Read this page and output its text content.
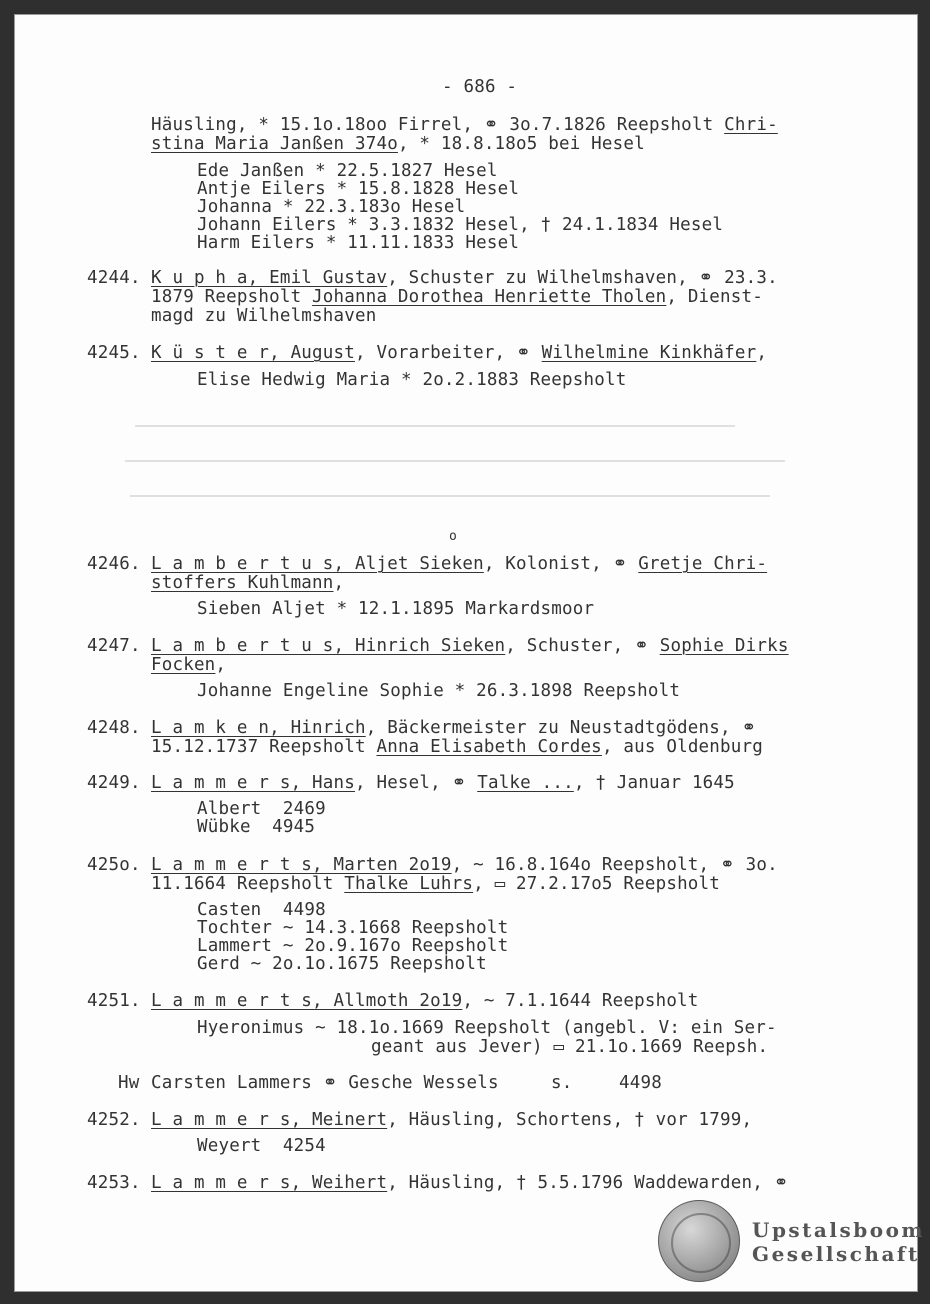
- 686 -
Häusling, * 15.1o.18oo Firrel, ⚭ 3o.7.1826 Reepsholt Chri-
stina Maria Janßen 374o, * 18.8.18o5 bei Hesel
Ede Janßen * 22.5.1827 Hesel
Antje Eilers * 15.8.1828 Hesel
Johanna * 22.3.183o Hesel
Johann Eilers * 3.3.1832 Hesel, † 24.1.1834 Hesel
Harm Eilers * 11.11.1833 Hesel
4244. K u p h a, Emil Gustav, Schuster zu Wilhelmshaven, ⚭ 23.3.
1879 Reepsholt Johanna Dorothea Henriette Tholen, Dienst-
magd zu Wilhelmshaven
4245. K ü s t e r, August, Vorarbeiter, ⚭ Wilhelmine Kinkhäfer,
Elise Hedwig Maria * 2o.2.1883 Reepsholt
o
4246. L a m b e r t u s, Aljet Sieken, Kolonist, ⚭ Gretje Chri-
stoffers Kuhlmann,
Sieben Aljet * 12.1.1895 Markardsmoor
4247. L a m b e r t u s, Hinrich Sieken, Schuster, ⚭ Sophie Dirks
Focken,
Johanne Engeline Sophie * 26.3.1898 Reepsholt
4248. L a m k e n, Hinrich, Bäckermeister zu Neustadtgödens, ⚭
15.12.1737 Reepsholt Anna Elisabeth Cordes, aus Oldenburg
4249. L a m m e r s, Hans, Hesel, ⚭ Talke ..., † Januar 1645
Albert  2469
Wübke  4945
425o. L a m m e r t s, Marten 2o19, ~ 16.8.164o Reepsholt, ⚭ 3o.
11.1664 Reepsholt Thalke Luhrs, ▭ 27.2.17o5 Reepsholt
Casten  4498
Tochter ~ 14.3.1668 Reepsholt
Lammert ~ 2o.9.167o Reepsholt
Gerd ~ 2o.1o.1675 Reepsholt
4251. L a m m e r t s, Allmoth 2o19, ~ 7.1.1644 Reepsholt
Hyeronimus ~ 18.1o.1669 Reepsholt (angebl. V: ein Ser-
geant aus Jever) ▭ 21.1o.1669 Reepsh.
Hw Carsten Lammers ⚭ Gesche Wessels	s.	4498
4252. L a m m e r s, Meinert, Häusling, Schortens, † vor 1799,
Weyert  4254
4253. L a m m e r s, Weihert, Häusling, † 5.5.1796 Waddewarden, ⚭
Upstalsboom
Gesellschaft
